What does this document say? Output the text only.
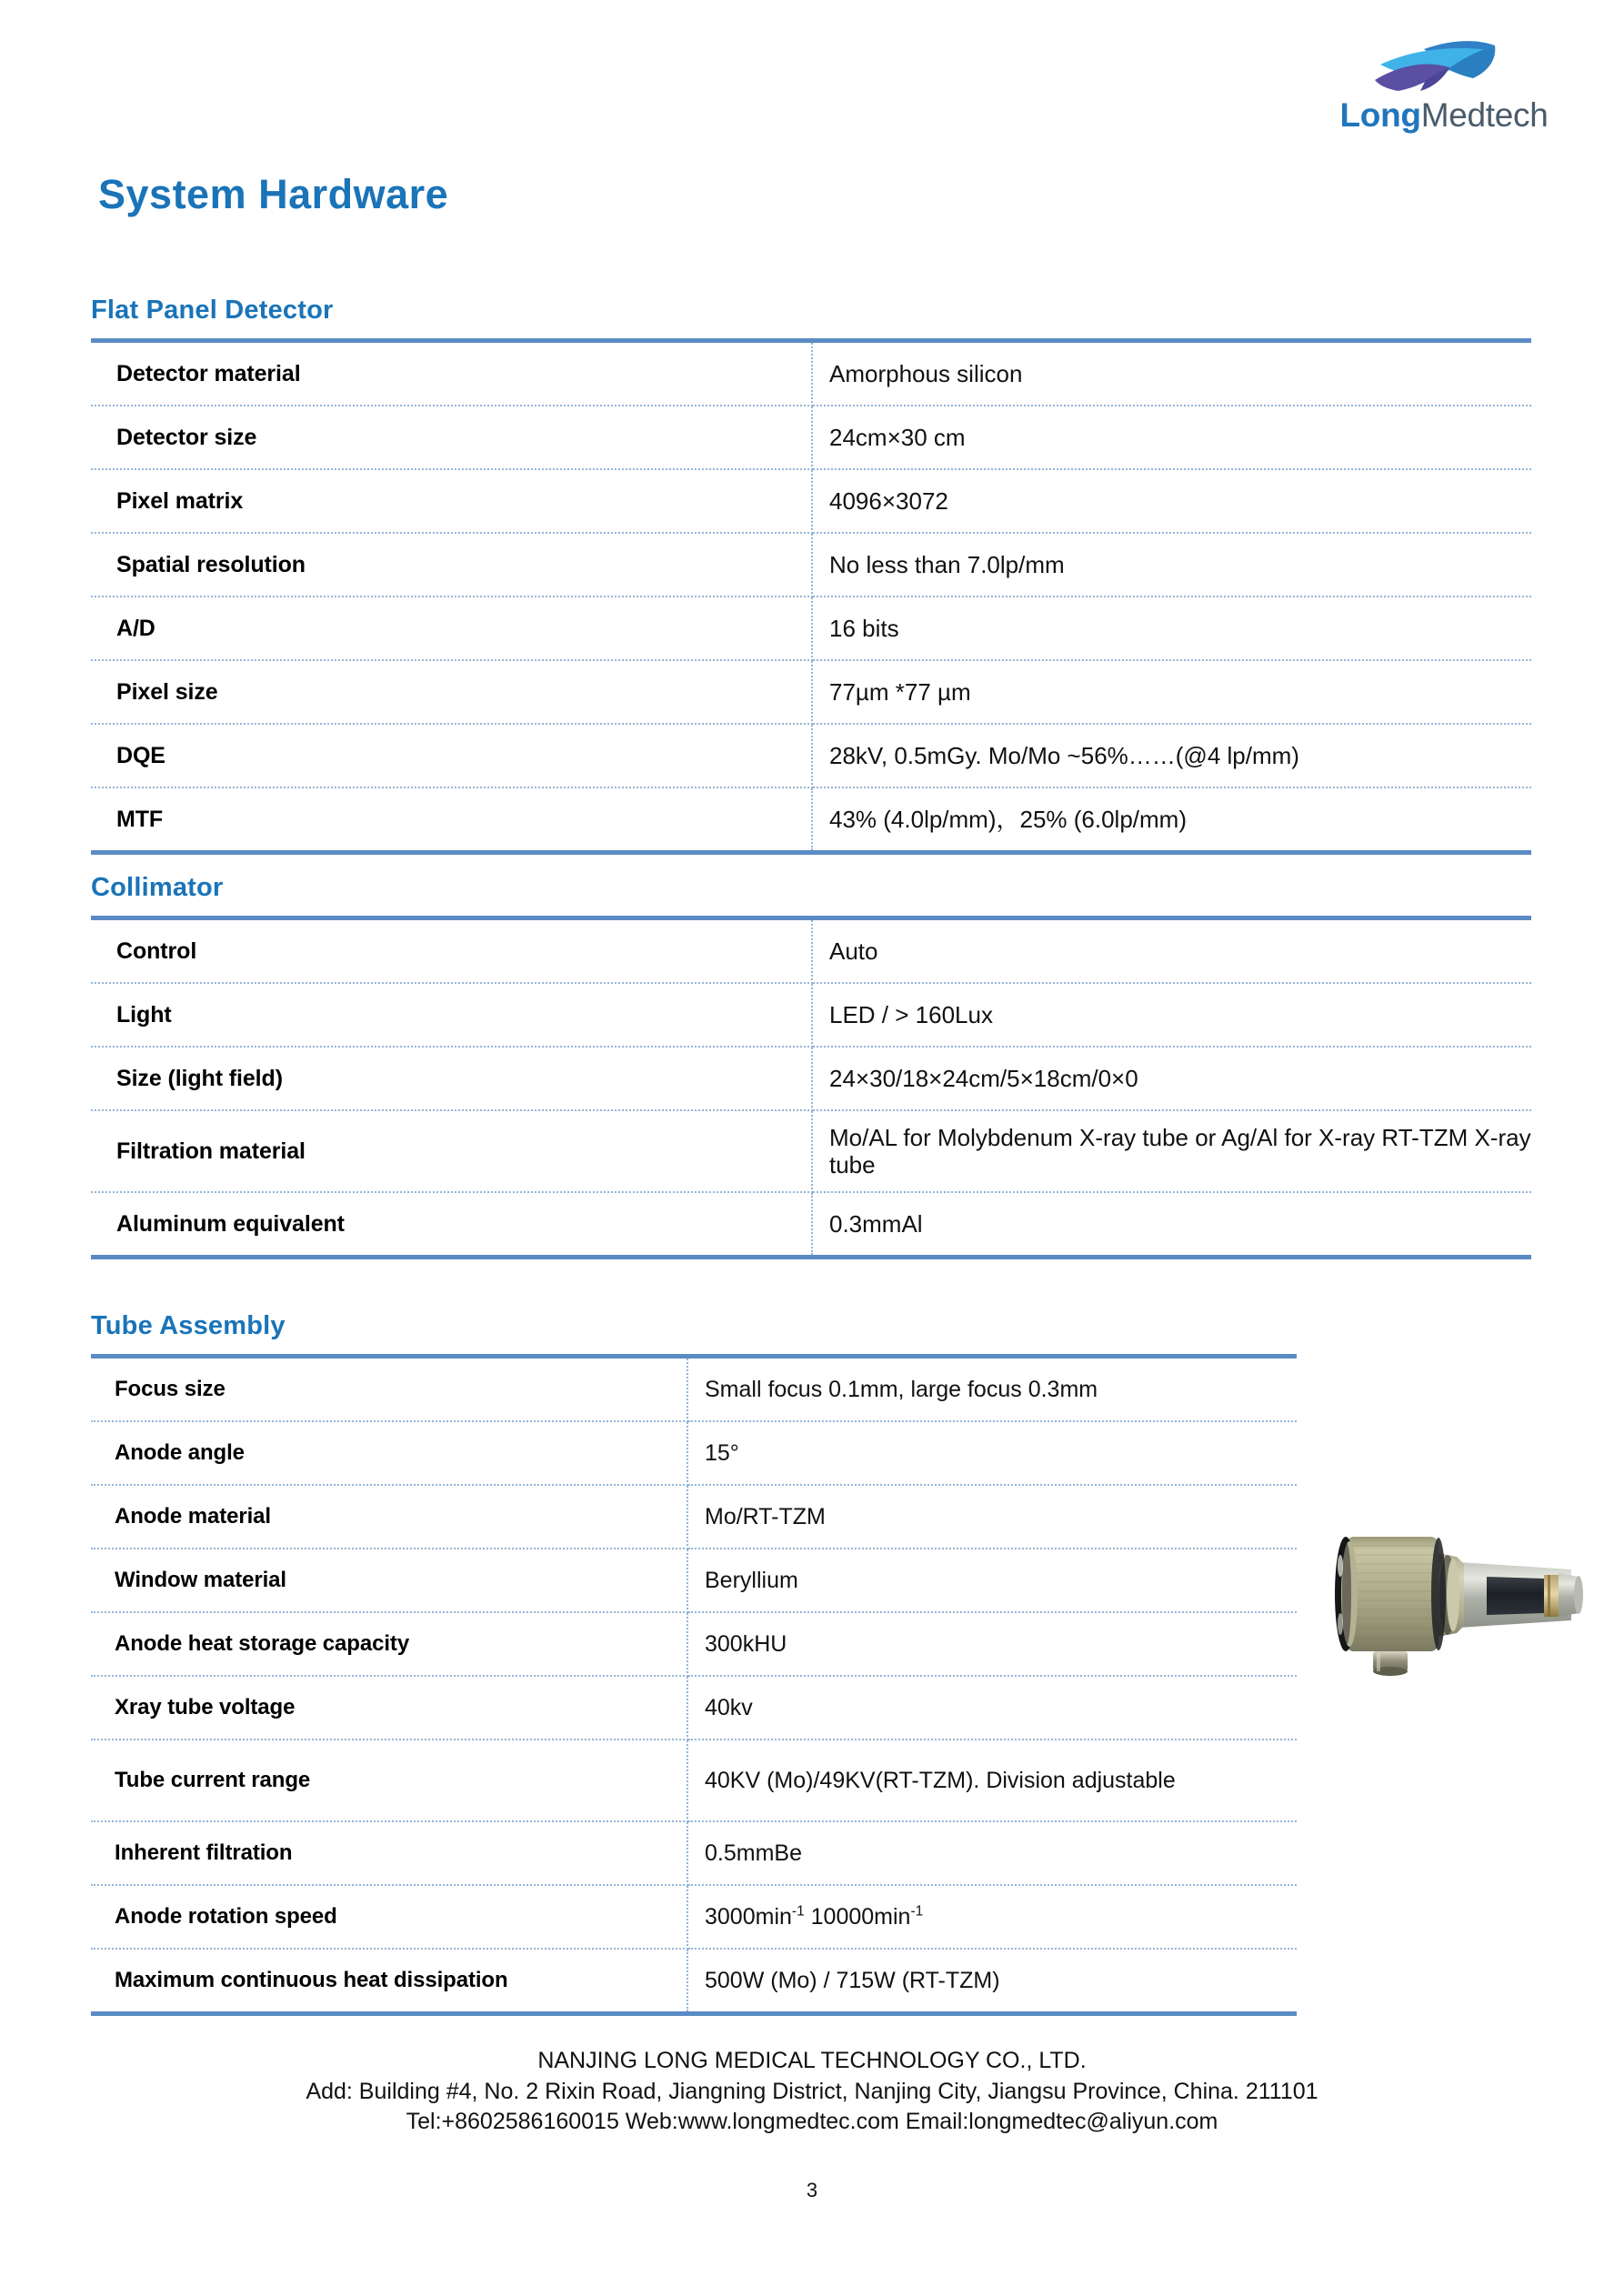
LongMedtech
System Hardware
Flat Panel Detector
Detector material	Amorphous silicon
Detector size	24cm×30 cm
Pixel matrix	4096×3072
Spatial resolution	No less than 7.0lp/mm
A/D	16 bits
Pixel size	77µm *77 µm
DQE	28kV, 0.5mGy. Mo/Mo ~56%……(@4 lp/mm)
MTF	43% (4.0lp/mm)，25% (6.0lp/mm)
Collimator
Control	Auto
Light	LED / > 160Lux
Size (light field)	24×30/18×24cm/5×18cm/0×0
Filtration material	Mo/AL for Molybdenum X-ray tube or Ag/Al for X-ray RT-TZM X-ray tube
Aluminum equivalent	0.3mmAl
Tube Assembly
Focus size	Small focus 0.1mm, large focus 0.3mm
Anode angle	15°
Anode material	Mo/RT-TZM
Window material	Beryllium
Anode heat storage capacity	300kHU
Xray tube voltage	40kv
Tube current range	40KV (Mo)/49KV(RT-TZM). Division adjustable
Inherent filtration	0.5mmBe
Anode rotation speed	$3000\min^{-1}$ $10000\min^{-1}$
Maximum continuous heat dissipation	500W (Mo) / 715W (RT-TZM)
NANJING LONG MEDICAL TECHNOLOGY CO., LTD.
Add: Building #4, No. 2 Rixin Road, Jiangning District, Nanjing City, Jiangsu Province, China. 211101
Tel:+8602586160015 Web:www.longmedtec.com Email:longmedtec@aliyun.com
3
